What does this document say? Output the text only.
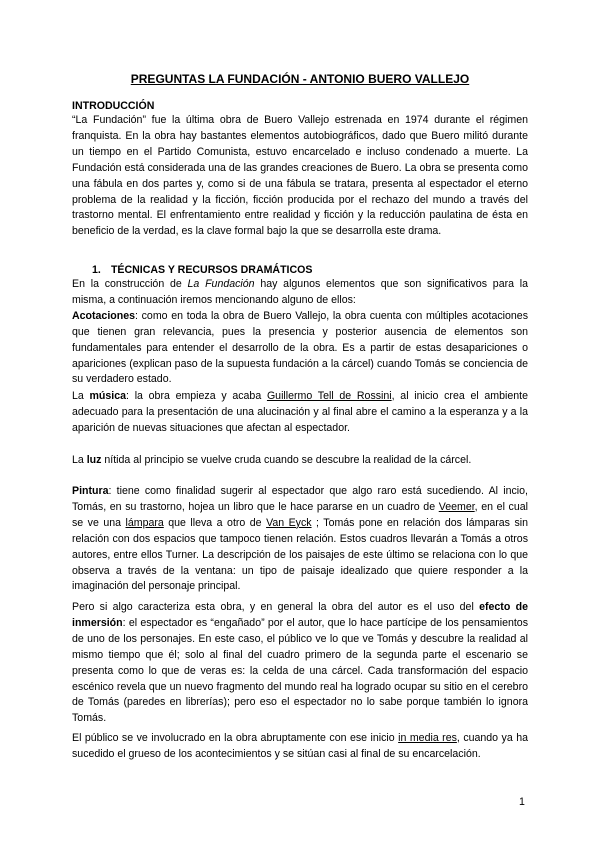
PREGUNTAS LA FUNDACIÓN - ANTONIO BUERO VALLEJO
INTRODUCCIÓN

“La Fundación” fue la última obra de Buero Vallejo estrenada en 1974 durante el régimen franquista. En la obra hay bastantes elementos autobiográficos, dado que Buero militó durante un tiempo en el Partido Comunista, estuvo encarcelado e incluso condenado a muerte. La Fundación está considerada una de las grandes creaciones de Buero. La obra se presenta como una fábula en dos partes y, como si de una fábula se tratara, presenta al espectador el eterno problema de la realidad y la ficción, ficción producida por el rechazo del mundo a través del trastorno mental. El enfrentamiento entre realidad y ficción y la reducción paulatina de ésta en beneficio de la verdad, es la clave formal bajo la que se desarrolla este drama.

1. TÉCNICAS Y RECURSOS DRAMÁTICOS

En la construcción de La Fundación hay algunos elementos que son significativos para la misma, a continuación iremos mencionando alguno de ellos:
Acotaciones: como en toda la obra de Buero Vallejo, la obra cuenta con múltiples acotaciones que tienen gran relevancia, pues la presencia y posterior ausencia de elementos son fundamentales para entender el desarrollo de la obra. Es a partir de estas desapariciones o apariciones (explican paso de la supuesta fundación a la cárcel) cuando Tomás se conciencia de su verdadero estado.

La música: la obra empieza y acaba Guillermo Tell de Rossini, al inicio crea el ambiente adecuado para la presentación de una alucinación y al final abre el camino a la esperanza y a la aparición de nuevas situaciones que afectan al espectador.

La luz nítida al principio se vuelve cruda cuando se descubre la realidad de la cárcel.

Pintura: tiene como finalidad sugerir al espectador que algo raro está sucediendo. Al incio, Tomás, en su trastorno, hojea un libro que le hace pararse en un cuadro de Veemer, en el cual se ve una lámpara que lleva a otro de Van Eyck ; Tomás pone en relación dos lámparas sin relación con dos espacios que tampoco tienen relación. Estos cuadros llevarán a Tomás a otros autores, entre ellos Turner. La descripción de los paisajes de este último se relaciona con lo que observa a través de la ventana: un tipo de paisaje idealizado que quiere responder a la imaginación del personaje principal.

Pero si algo caracteriza esta obra, y en general la obra del autor es el uso del efecto de inmersión: el espectador es “engañado” por el autor, que lo hace partícipe de los pensamientos de uno de los personajes. En este caso, el público ve lo que ve Tomás y descubre la realidad al mismo tiempo que él; solo al final del cuadro primero de la segunda parte el escenario se presenta como lo que de veras es: la celda de una cárcel. Cada transformación del espacio escénico revela que un nuevo fragmento del mundo real ha logrado ocupar su sitio en el cerebro de Tomás (paredes en librerías); pero eso el espectador no lo sabe porque también lo ignora Tomás.

El público se ve involucrado en la obra abruptamente con ese inicio in media res, cuando ya ha sucedido el grueso de los acontecimientos y se sitúan casi al final de su encarcelación.

1
